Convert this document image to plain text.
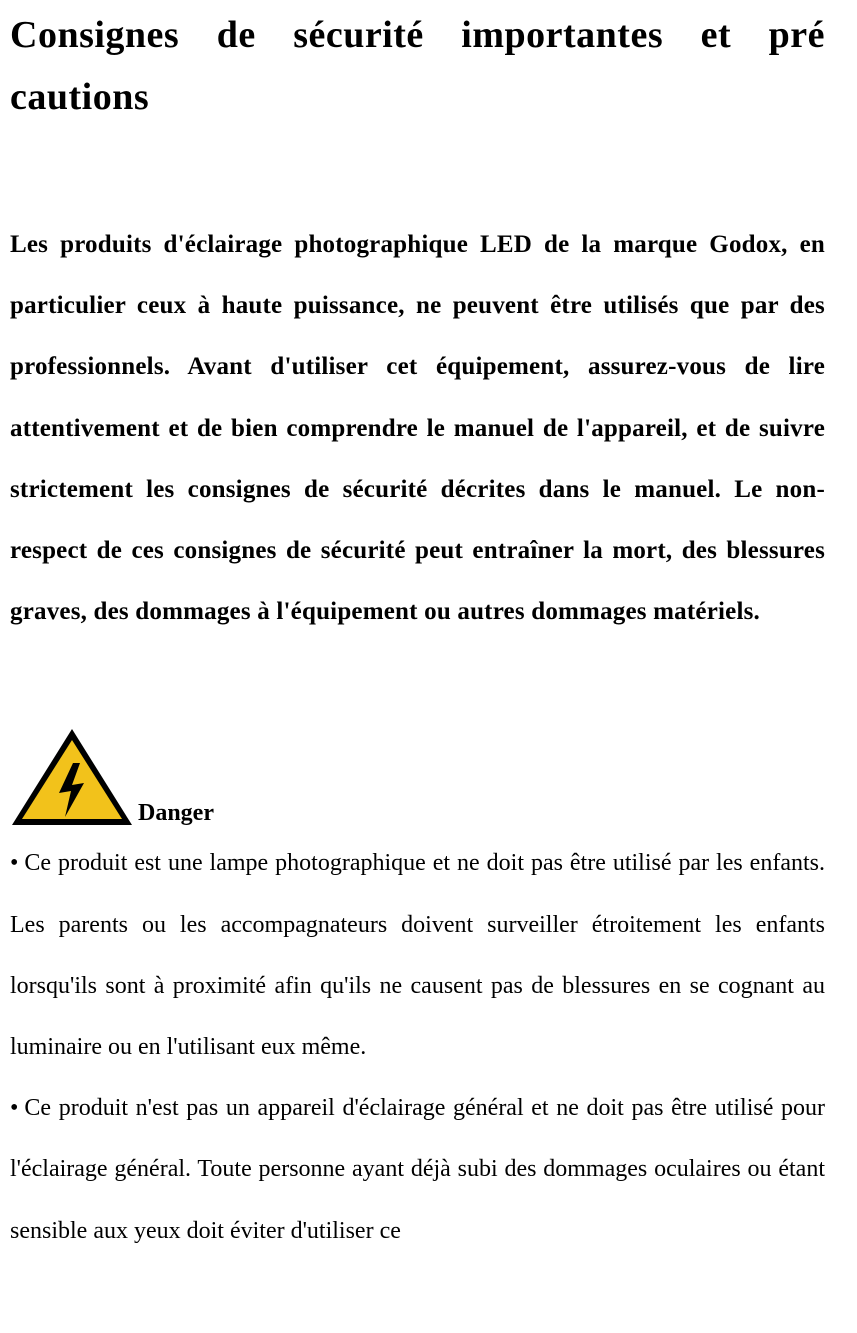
Consignes de sécurité importantes et pré cautions

Les produits d'éclairage photographique LED de la marque Godox, en particulier ceux à haute puissance, ne peuvent être utilisés que par des professionnels. Avant d'utiliser cet équipement, assurez-vous de lire attentivement et de bien comprendre le manuel de l'appareil, et de suivre strictement les consignes de sécurité décrites dans le manuel. Le non-respect de ces consignes de sécurité peut entraîner la mort, des blessures graves, des dommages à l'équipement ou autres dommages matériels.

Danger
• Ce produit est une lampe photographique et ne doit pas être utilisé par les enfants. Les parents ou les accompagnateurs doivent surveiller étroitement les enfants lorsqu'ils sont à proximité afin qu'ils ne causent pas de blessures en se cognant au luminaire ou en l'utilisant eux même.
• Ce produit n'est pas un appareil d'éclairage général et ne doit pas être utilisé pour l'éclairage général. Toute personne ayant déjà subi des dommages oculaires ou étant sensible aux yeux doit éviter d'utiliser ce
